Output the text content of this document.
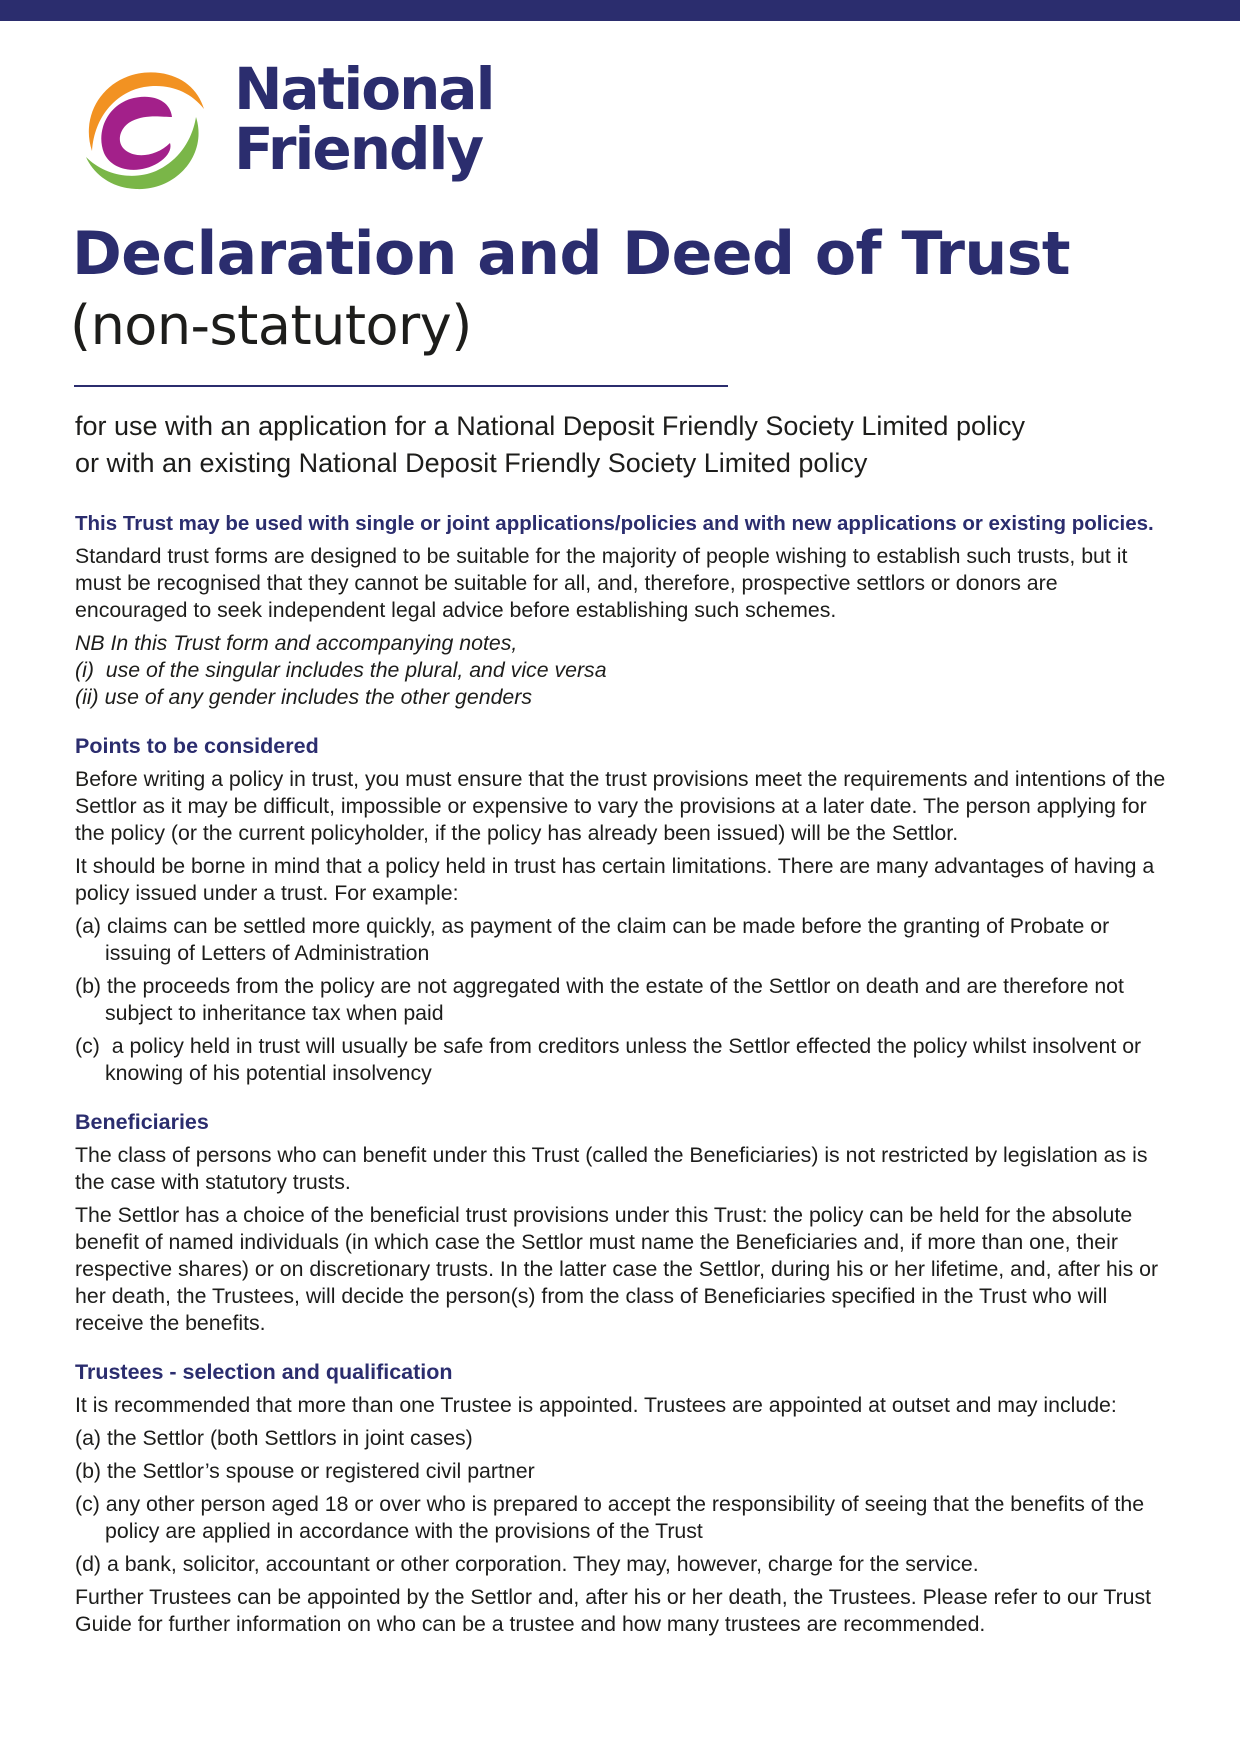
National
Friendly
Declaration and Deed of Trust
(non-statutory)
for use with an application for a National Deposit Friendly Society Limited policy
or with an existing National Deposit Friendly Society Limited policy

This Trust may be used with single or joint applications/policies and with new applications or existing policies.

Standard trust forms are designed to be suitable for the majority of people wishing to establish such trusts, but it must be recognised that they cannot be suitable for all, and, therefore, prospective settlors or donors are encouraged to seek independent legal advice before establishing such schemes.

NB In this Trust form and accompanying notes,

(i) use of the singular includes the plural, and vice versa

(ii) use of any gender includes the other genders

Points to be considered

Before writing a policy in trust, you must ensure that the trust provisions meet the requirements and intentions of the Settlor as it may be difficult, impossible or expensive to vary the provisions at a later date. The person applying for the policy (or the current policyholder, if the policy has already been issued) will be the Settlor.

It should be borne in mind that a policy held in trust has certain limitations. There are many advantages of having a policy issued under a trust. For example:

(a) claims can be settled more quickly, as payment of the claim can be made before the granting of Probate or issuing of Letters of Administration

(b) the proceeds from the policy are not aggregated with the estate of the Settlor on death and are therefore not subject to inheritance tax when paid

(c) a policy held in trust will usually be safe from creditors unless the Settlor effected the policy whilst insolvent or knowing of his potential insolvency

Beneficiaries

The class of persons who can benefit under this Trust (called the Beneficiaries) is not restricted by legislation as is the case with statutory trusts.

The Settlor has a choice of the beneficial trust provisions under this Trust: the policy can be held for the absolute benefit of named individuals (in which case the Settlor must name the Beneficiaries and, if more than one, their respective shares) or on discretionary trusts. In the latter case the Settlor, during his or her lifetime, and, after his or her death, the Trustees, will decide the person(s) from the class of Beneficiaries specified in the Trust who will receive the benefits.

Trustees - selection and qualification

It is recommended that more than one Trustee is appointed. Trustees are appointed at outset and may include:

(a) the Settlor (both Settlors in joint cases)

(b) the Settlor’s spouse or registered civil partner

(c) any other person aged 18 or over who is prepared to accept the responsibility of seeing that the benefits of the policy are applied in accordance with the provisions of the Trust

(d) a bank, solicitor, accountant or other corporation. They may, however, charge for the service.

Further Trustees can be appointed by the Settlor and, after his or her death, the Trustees. Please refer to our Trust Guide for further information on who can be a trustee and how many trustees are recommended.
